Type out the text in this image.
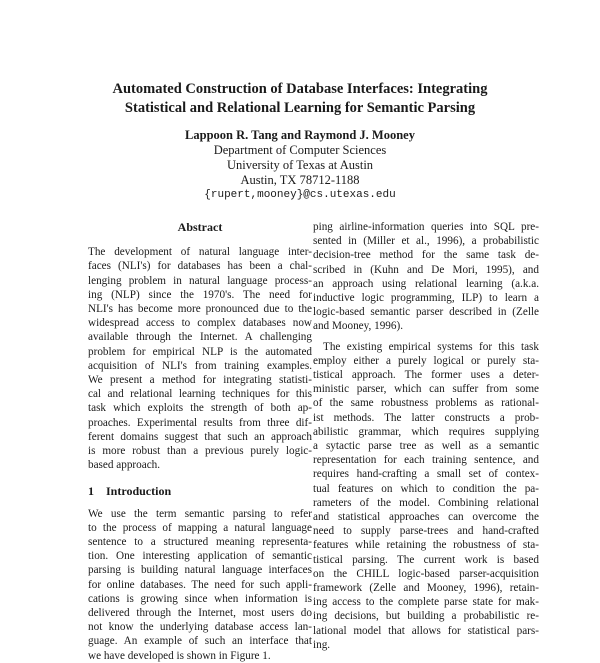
Automated Construction of Database Interfaces: Integrating
Statistical and Relational Learning for Semantic Parsing
Lappoon R. Tang and Raymond J. Mooney
Department of Computer Sciences
University of Texas at Austin
Austin, TX 78712-1188
{rupert,mooney}@cs.utexas.edu
Abstract
The development of natural language inter-
faces (NLI's) for databases has been a chal-
lenging problem in natural language process-
ing (NLP) since the 1970's. The need for
NLI's has become more pronounced due to the
widespread access to complex databases now
available through the Internet. A challenging
problem for empirical NLP is the automated
acquisition of NLI's from training examples.
We present a method for integrating statisti-
cal and relational learning techniques for this
task which exploits the strength of both ap-
proaches. Experimental results from three dif-
ferent domains suggest that such an approach
is more robust than a previous purely logic-
based approach.
1 Introduction
We use the term semantic parsing to refer
to the process of mapping a natural language
sentence to a structured meaning representa-
tion. One interesting application of semantic
parsing is building natural language interfaces
for online databases. The need for such appli-
cations is growing since when information is
delivered through the Internet, most users do
not know the underlying database access lan-
guage. An example of such an interface that
we have developed is shown in Figure 1.
ping airline-information queries into SQL pre-
sented in (Miller et al., 1996), a probabilistic
decision-tree method for the same task de-
scribed in (Kuhn and De Mori, 1995), and
an approach using relational learning (a.k.a.
inductive logic programming, ILP) to learn a
logic-based semantic parser described in (Zelle
and Mooney, 1996).
The existing empirical systems for this task
employ either a purely logical or purely sta-
tistical approach. The former uses a deter-
ministic parser, which can suffer from some
of the same robustness problems as rational-
ist methods. The latter constructs a prob-
abilistic grammar, which requires supplying
a sytactic parse tree as well as a semantic
representation for each training sentence, and
requires hand-crafting a small set of contex-
tual features on which to condition the pa-
rameters of the model. Combining relational
and statistical approaches can overcome the
need to supply parse-trees and hand-crafted
features while retaining the robustness of sta-
tistical parsing. The current work is based
on the CHILL logic-based parser-acquisition
framework (Zelle and Mooney, 1996), retain-
ing access to the complete parse state for mak-
ing decisions, but building a probabilistic re-
lational model that allows for statistical pars-
ing.
